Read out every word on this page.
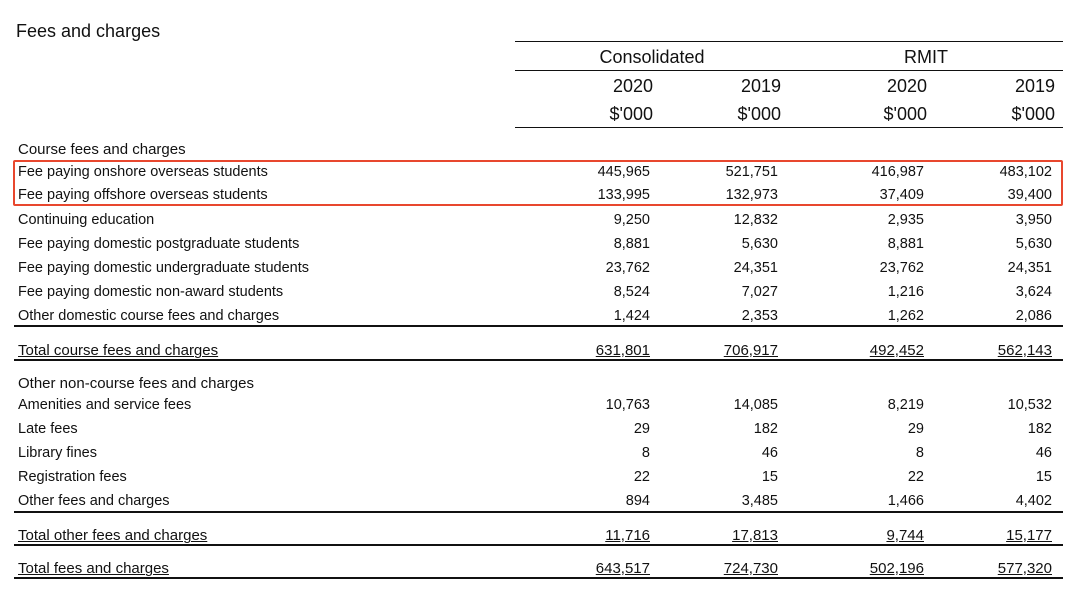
Fees and charges
Consolidated	RMIT
2020	2019	2020	2019
$'000	$'000	$'000	$'000
Course fees and charges
Fee paying onshore overseas students	445,965	521,751	416,987	483,102
Fee paying offshore overseas students	133,995	132,973	37,409	39,400
Continuing education	9,250	12,832	2,935	3,950
Fee paying domestic postgraduate students	8,881	5,630	8,881	5,630
Fee paying domestic undergraduate students	23,762	24,351	23,762	24,351
Fee paying domestic non-award students	8,524	7,027	1,216	3,624
Other domestic course fees and charges	1,424	2,353	1,262	2,086
Total course fees and charges	631,801	706,917	492,452	562,143
Other non-course fees and charges
Amenities and service fees	10,763	14,085	8,219	10,532
Late fees	29	182	29	182
Library fines	8	46	8	46
Registration fees	22	15	22	15
Other fees and charges	894	3,485	1,466	4,402
Total other fees and charges	11,716	17,813	9,744	15,177
Total fees and charges	643,517	724,730	502,196	577,320
